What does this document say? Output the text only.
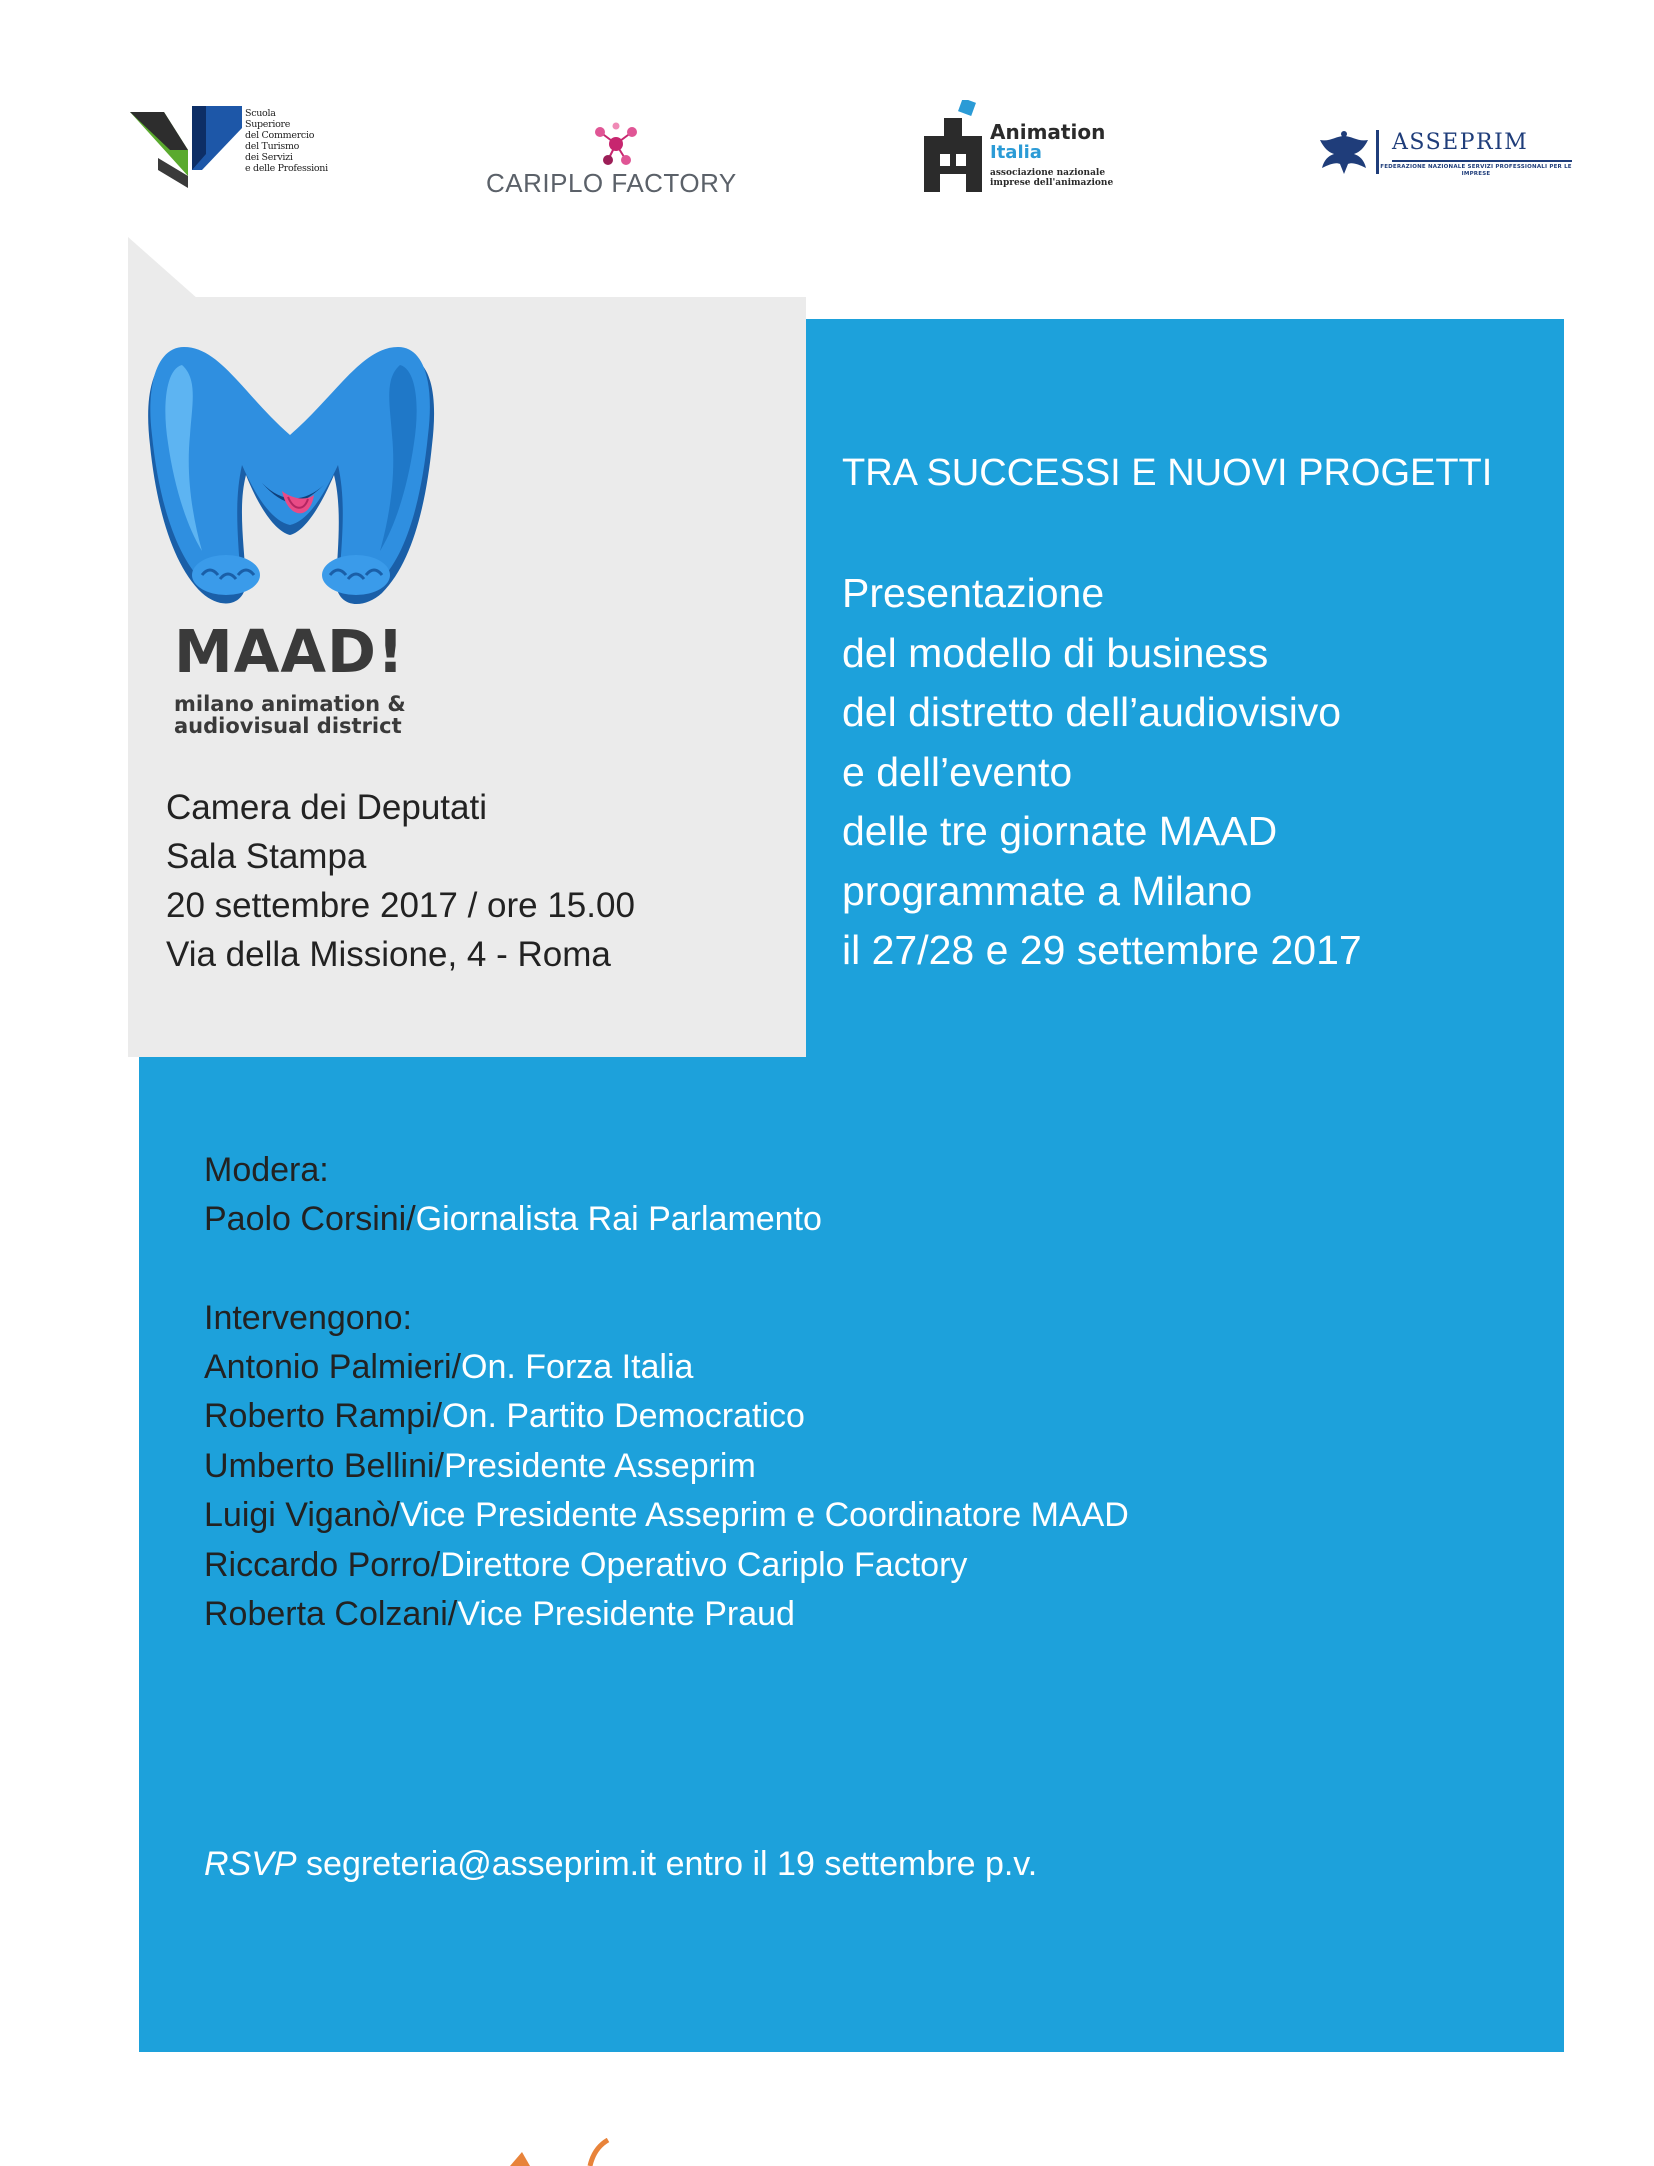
Scuola
Superiore
del Commercio
del Turismo
dei Servizi
e delle Professioni	CARIPLO FACTORY
Animation
Italia
associazione nazionale imprese dell'animazione
ASSEPRIM
FEDERAZIONE NAZIONALE SERVIZI PROFESSIONALI PER LE IMPRESE
MAAD!
milano animation &
audiovisual district
Camera dei Deputati
Sala Stampa
20 settembre 2017 / ore 15.00
Via della Missione, 4 - Roma
TRA SUCCESSI E NUOVI PROGETTI
Presentazione
del modello di business
del distretto dell’audiovisivo
e dell’evento
delle tre giornate MAAD
programmate a Milano
il 27/28 e 29 settembre 2017
Modera:
Paolo Corsini/Giornalista Rai Parlamento
Intervengono:
Antonio Palmieri/On. Forza Italia
Roberto Rampi/On. Partito Democratico
Umberto Bellini/Presidente Asseprim
Luigi Viganò/Vice Presidente Asseprim e Coordinatore MAAD
Riccardo Porro/Direttore Operativo Cariplo Factory
Roberta Colzani/Vice Presidente Praud
RSVP segreteria@asseprim.it entro il 19 settembre p.v.
